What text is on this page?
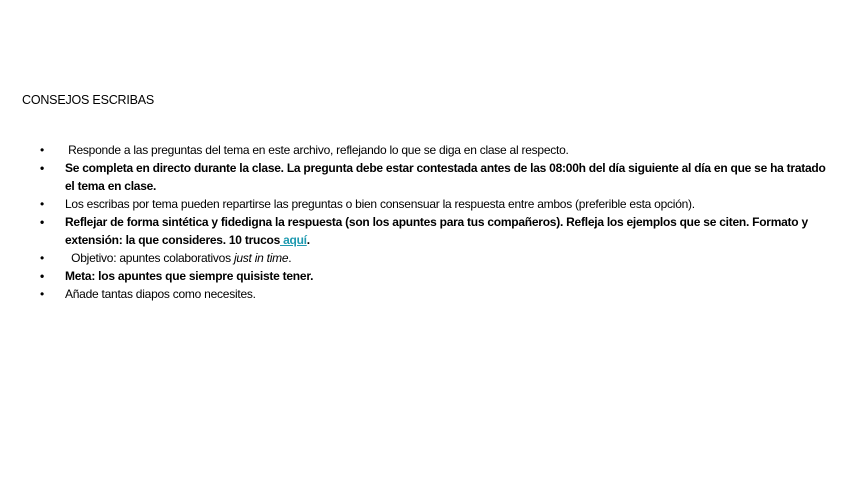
CONSEJOS ESCRIBAS
•	Responde a las preguntas del tema en este archivo, reflejando lo que se diga en clase al respecto.
•	Se completa en directo durante la clase. La pregunta debe estar contestada antes de las 08:00h del día siguiente al día en que se ha tratado el tema en clase.
•	Los escribas por tema pueden repartirse las preguntas o bien consensuar la respuesta entre ambos (preferible esta opción).
•	Reflejar de forma sintética y fidedigna la respuesta (son los apuntes para tus compañeros). Refleja los ejemplos que se citen. Formato y extensión: la que consideres. 10 trucos aquí.
•	Objetivo: apuntes colaborativos just in time.
•	Meta: los apuntes que siempre quisiste tener.
•	Añade tantas diapos como necesites.
